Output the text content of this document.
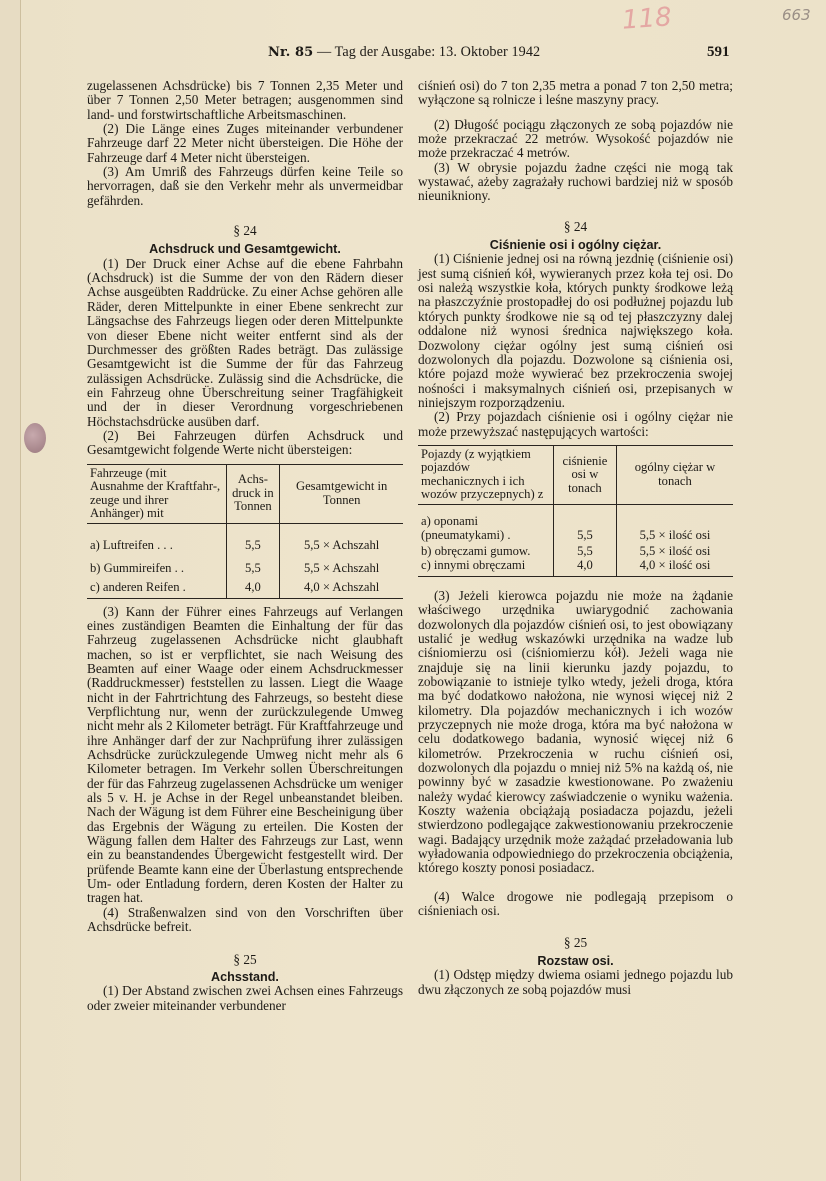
118	663
Nr. 85 — Tag der Ausgabe: 13. Oktober 1942	591

zugelassenen Achsdrücke) bis 7 Tonnen 2,35 Meter und über 7 Tonnen 2,50 Meter betragen; ausgenommen sind land- und forstwirtschaftliche Arbeitsmaschinen.

(2) Die Länge eines Zuges miteinander verbundener Fahrzeuge darf 22 Meter nicht übersteigen. Die Höhe der Fahrzeuge darf 4 Meter nicht übersteigen.

(3) Am Umriß des Fahrzeugs dürfen keine Teile so hervorragen, daß sie den Verkehr mehr als unvermeidbar gefährden.

§ 24

Achsdruck und Gesamtgewicht.

(1) Der Druck einer Achse auf die ebene Fahrbahn (Achsdruck) ist die Summe der von den Rädern dieser Achse ausgeübten Raddrücke. Zu einer Achse gehören alle Räder, deren Mittelpunkte in einer Ebene senkrecht zur Längsachse des Fahrzeugs liegen oder deren Mittelpunkte von dieser Ebene nicht weiter entfernt sind als der Durchmesser des größten Rades beträgt. Das zulässige Gesamtgewicht ist die Summe der für das Fahrzeug zulässigen Achsdrücke. Zulässig sind die Achsdrücke, die ein Fahrzeug ohne Überschreitung seiner Tragfähigkeit und der in dieser Verordnung vorgeschriebenen Höchstachsdrücke ausüben darf.

(2) Bei Fahrzeugen dürfen Achsdruck und Gesamtgewicht folgende Werte nicht übersteigen:

Fahrzeuge (mit Ausnahme der Kraftfahr-, zeuge und ihrer Anhänger) mit	Achs-druck in Tonnen	Gesamtgewicht in Tonnen
a) Luftreifen . . .	5,5	5,5 × Achszahl
b) Gummireifen . .	5,5	5,5 × Achszahl
c) anderen Reifen .	4,0	4,0 × Achszahl

(3) Kann der Führer eines Fahrzeugs auf Verlangen eines zuständigen Beamten die Einhaltung der für das Fahrzeug zugelassenen Achsdrücke nicht glaubhaft machen, so ist er verpflichtet, sie nach Weisung des Beamten auf einer Waage oder einem Achsdruckmesser (Raddruckmesser) feststellen zu lassen. Liegt die Waage nicht in der Fahrtrichtung des Fahrzeugs, so besteht diese Verpflichtung nur, wenn der zurückzulegende Umweg nicht mehr als 2 Kilometer beträgt. Für Kraftfahrzeuge und ihre Anhänger darf der zur Nachprüfung ihrer zulässigen Achsdrücke zurückzulegende Umweg nicht mehr als 6 Kilometer betragen. Im Verkehr sollen Überschreitungen der für das Fahrzeug zugelassenen Achsdrücke um weniger als 5 v. H. je Achse in der Regel unbeanstandet bleiben. Nach der Wägung ist dem Führer eine Bescheinigung über das Ergebnis der Wägung zu erteilen. Die Kosten der Wägung fallen dem Halter des Fahrzeugs zur Last, wenn ein zu beanstandendes Übergewicht festgestellt wird. Der prüfende Beamte kann eine der Überlastung entsprechende Um- oder Entladung fordern, deren Kosten der Halter zu tragen hat.

(4) Straßenwalzen sind von den Vorschriften über Achsdrücke befreit.

§ 25

Achsstand.

(1) Der Abstand zwischen zwei Achsen eines Fahrzeugs oder zweier miteinander verbundener

ciśnień osi) do 7 ton 2,35 metra a ponad 7 ton 2,50 metra; wyłączone są rolnicze i leśne maszyny pracy.

(2) Długość pociągu złączonych ze sobą pojazdów nie może przekraczać 22 metrów. Wysokość pojazdów nie może przekraczać 4 metrów.

(3) W obrysie pojazdu żadne części nie mogą tak wystawać, ażeby zagrażały ruchowi bardziej niż w sposób nieunikniony.

§ 24

Ciśnienie osi i ogólny ciężar.

(1) Ciśnienie jednej osi na równą jezdnię (ciśnienie osi) jest sumą ciśnień kół, wywieranych przez koła tej osi. Do osi należą wszystkie koła, których punkty środkowe leżą na płaszczyźnie prostopadłej do osi podłużnej pojazdu lub których punkty środkowe nie są od tej płaszczyzny dalej oddalone niż wynosi średnica największego koła. Dozwolony ciężar ogólny jest sumą ciśnień osi dozwolonych dla pojazdu. Dozwolone są ciśnienia osi, które pojazd może wywierać bez przekroczenia swojej nośności i maksymalnych ciśnień osi, przepisanych w niniejszym rozporządzeniu.

(2) Przy pojazdach ciśnienie osi i ogólny ciężar nie może przewyższać następujących wartości:

Pojazdy (z wyjątkiem pojazdów mechanicznych i ich wozów przyczepnych) z	ciśnienie osi w tonach	ogólny ciężar w tonach
a) oponami (pneumatykami) .	5,5	5,5 × ilość osi
b) obręczami gumow.	5,5	5,5 × ilość osi
c) innymi obręczami	4,0	4,0 × ilość osi

(3) Jeżeli kierowca pojazdu nie może na żądanie właściwego urzędnika uwiarygodnić zachowania dozwolonych dla pojazdów ciśnień osi, to jest obowiązany ustalić je według wskazówki urzędnika na wadze lub ciśniomierzu osi (ciśniomierzu kół). Jeżeli waga nie znajduje się na linii kierunku jazdy pojazdu, to zobowiązanie to istnieje tylko wtedy, jeżeli droga, która ma być dodatkowo nałożona, nie wynosi więcej niż 2 kilometry. Dla pojazdów mechanicznych i ich wozów przyczepnych nie może droga, która ma być nałożona w celu dodatkowego badania, wynosić więcej niż 6 kilometrów. Przekroczenia w ruchu ciśnień osi, dozwolonych dla pojazdu o mniej niż 5% na każdą oś, nie powinny być w zasadzie kwestionowane. Po zważeniu należy wydać kierowcy zaświadczenie o wyniku ważenia. Koszty ważenia obciążają posiadacza pojazdu, jeżeli stwierdzono podlegające zakwestionowaniu przekroczenie wagi. Badający urzędnik może zażądać przeładowania lub wyładowania odpowiedniego do przekroczenia obciążenia, którego koszty ponosi posiadacz.

(4) Walce drogowe nie podlegają przepisom o ciśnieniach osi.

§ 25

Rozstaw osi.

(1) Odstęp między dwiema osiami jednego pojazdu lub dwu złączonych ze sobą pojazdów musi
